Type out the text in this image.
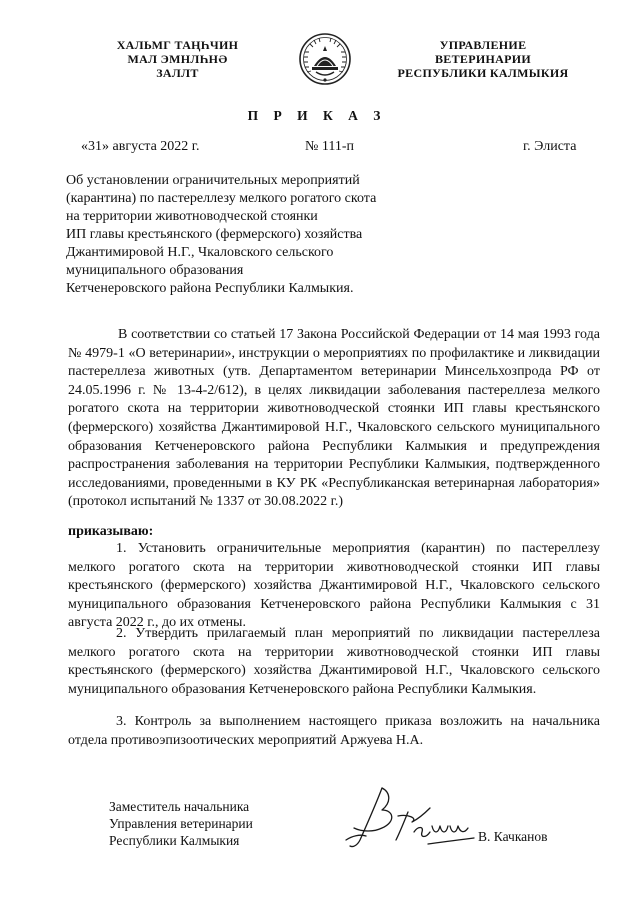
ХАЛЬМГ ТАҢҺЧИН
МАЛ ЭМНЛҺНӘ
ЗАЛЛТ
УПРАВЛЕНИЕ
ВЕТЕРИНАРИИ
РЕСПУБЛИКИ КАЛМЫКИЯ
П Р И К А З
«31» августа 2022 г.	№ 111-п	г. Элиста
Об установлении ограничительных мероприятий
(карантина) по пастереллезу мелкого рогатого скота
на территории животноводческой стоянки
ИП главы крестьянского (фермерского) хозяйства
Джантимировой Н.Г., Чкаловского сельского
муниципального образования
Кетченеровского района Республики Калмыкия.
В соответствии со статьей 17 Закона Российской Федерации от 14 мая 1993 года № 4979-1 «О ветеринарии», инструкции о мероприятиях по профилактике и ликвидации пастереллеза животных (утв. Департаментом ветеринарии Минсельхозпрода РФ от 24.05.1996 г. № 13-4-2/612), в целях ликвидации заболевания пастереллеза мелкого рогатого скота на территории животноводческой стоянки ИП главы крестьянского (фермерского) хозяйства Джантимировой Н.Г., Чкаловского сельского муниципального образования Кетченеровского района Республики Калмыкия и предупреждения распространения заболевания на территории Республики Калмыкия, подтвержденного исследованиями, проведенными в КУ РК «Республиканская ветеринарная лаборатория» (протокол испытаний № 1337 от 30.08.2022 г.)
приказываю:
1. Установить ограничительные мероприятия (карантин) по пастереллезу мелкого рогатого скота на территории животноводческой стоянки ИП главы крестьянского (фермерского) хозяйства Джантимировой Н.Г., Чкаловского сельского муниципального образования Кетченеровского района Республики Калмыкия с 31 августа 2022 г., до их отмены.
2. Утвердить прилагаемый план мероприятий по ликвидации пастереллеза мелкого рогатого скота на территории животноводческой стоянки ИП главы крестьянского (фермерского) хозяйства Джантимировой Н.Г., Чкаловского сельского муниципального образования Кетченеровского района Республики Калмыкия.
3. Контроль за выполнением настоящего приказа возложить на начальника отдела противоэпизоотических мероприятий Аржуева Н.А.
Заместитель начальника
Управления ветеринарии
Республики Калмыкия	В. Качканов
